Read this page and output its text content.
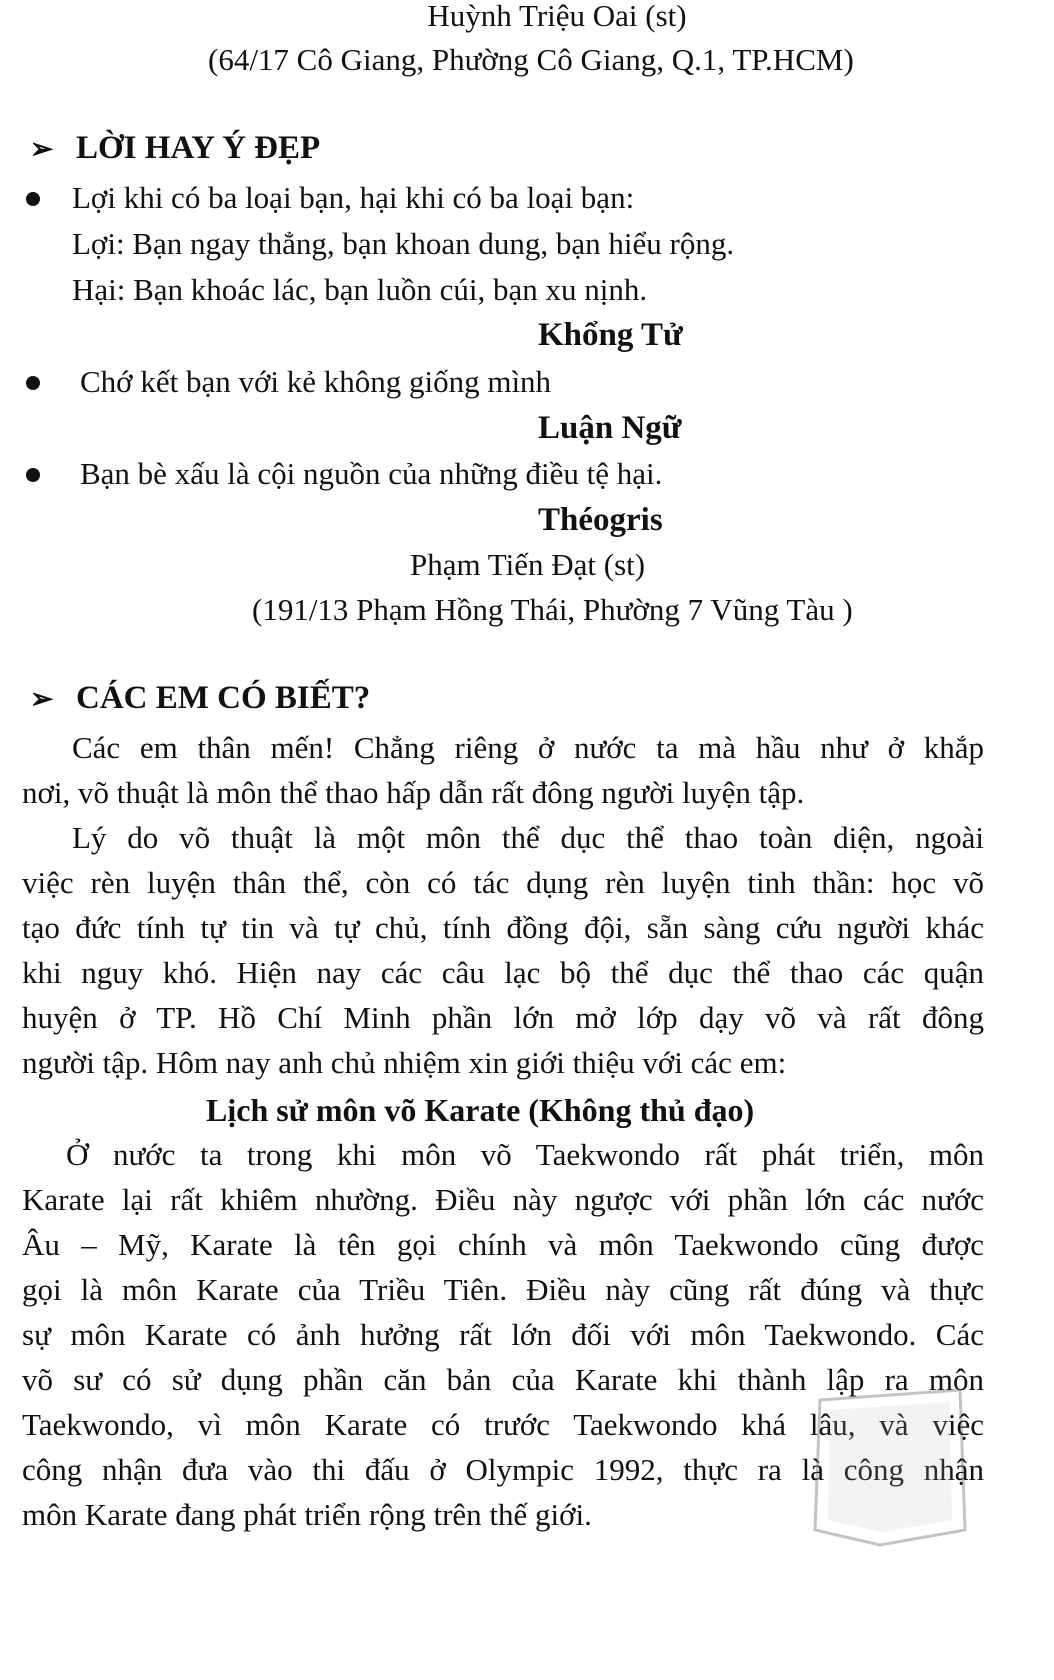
Huỳnh Triệu Oai (st)
(64/17 Cô Giang, Phường Cô Giang, Q.1, TP.HCM)
➢ LỜI HAY Ý ĐẸP
Lợi khi có ba loại bạn, hại khi có ba loại bạn:
Lợi: Bạn ngay thẳng, bạn khoan dung, bạn hiểu rộng.
Hại: Bạn khoác lác, bạn luồn cúi, bạn xu nịnh.
Khổng Tử
Chớ kết bạn với kẻ không giống mình
Luận Ngữ
Bạn bè xấu là cội nguồn của những điều tệ hại.
Théogris
Phạm Tiến Đạt (st)
(191/13 Phạm Hồng Thái, Phường 7 Vũng Tàu )
➢ CÁC EM CÓ BIẾT?
Các em thân mến! Chẳng riêng ở nước ta mà hầu như ở khắp
nơi, võ thuật là môn thể thao hấp dẫn rất đông người luyện tập.
Lý do võ thuật là một môn thể dục thể thao toàn diện, ngoài
việc rèn luyện thân thể, còn có tác dụng rèn luyện tinh thần: học võ
tạo đức tính tự tin và tự chủ, tính đồng đội, sẵn sàng cứu người khác
khi nguy khó. Hiện nay các câu lạc bộ thể dục thể thao các quận
huyện ở TP. Hồ Chí Minh phần lớn mở lớp dạy võ và rất đông
người tập. Hôm nay anh chủ nhiệm xin giới thiệu với các em:
Lịch sử môn võ Karate (Không thủ đạo)
Ở nước ta trong khi môn võ Taekwondo rất phát triển, môn
Karate lại rất khiêm nhường. Điều này ngược với phần lớn các nước
Âu – Mỹ, Karate là tên gọi chính và môn Taekwondo cũng được
gọi là môn Karate của Triều Tiên. Điều này cũng rất đúng và thực
sự môn Karate có ảnh hưởng rất lớn đối với môn Taekwondo. Các
võ sư có sử dụng phần căn bản của Karate khi thành lập ra môn
Taekwondo, vì môn Karate có trước Taekwondo khá lâu, và việc
công nhận đưa vào thi đấu ở Olympic 1992, thực ra là công nhận
môn Karate đang phát triển rộng trên thế giới.
